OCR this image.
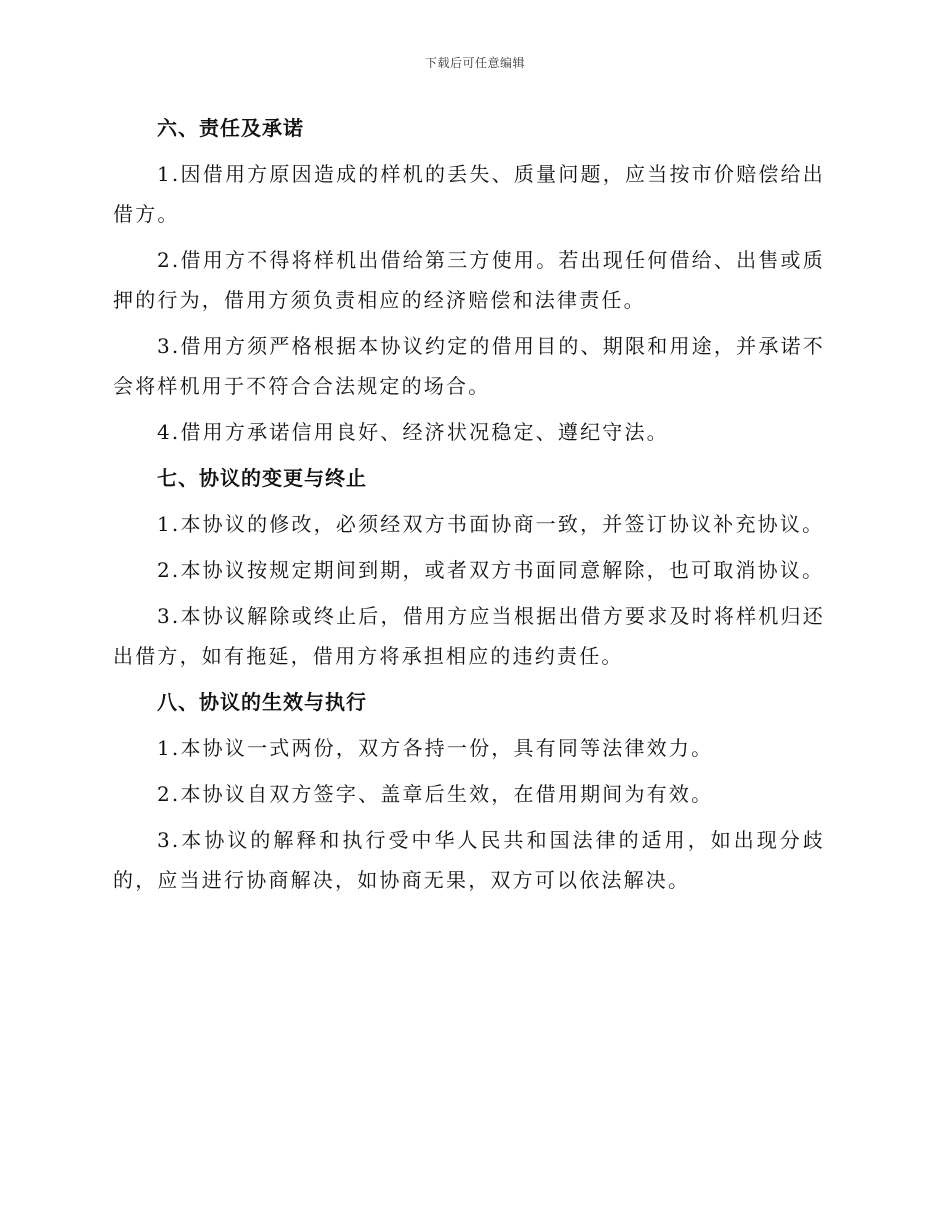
下载后可任意编辑
六、责任及承诺

1.因借用方原因造成的样机的丢失、质量问题，应当按市价赔偿给出借方。

2.借用方不得将样机出借给第三方使用。若出现任何借给、出售或质押的行为，借用方须负责相应的经济赔偿和法律责任。

3.借用方须严格根据本协议约定的借用目的、期限和用途，并承诺不会将样机用于不符合合法规定的场合。

4.借用方承诺信用良好、经济状况稳定、遵纪守法。

七、协议的变更与终止

1.本协议的修改，必须经双方书面协商一致，并签订协议补充协议。

2.本协议按规定期间到期，或者双方书面同意解除，也可取消协议。

3.本协议解除或终止后，借用方应当根据出借方要求及时将样机归还出借方，如有拖延，借用方将承担相应的违约责任。

八、协议的生效与执行

1.本协议一式两份，双方各持一份，具有同等法律效力。

2.本协议自双方签字、盖章后生效，在借用期间为有效。

3.本协议的解释和执行受中华人民共和国法律的适用，如出现分歧的，应当进行协商解决，如协商无果，双方可以依法解决。
